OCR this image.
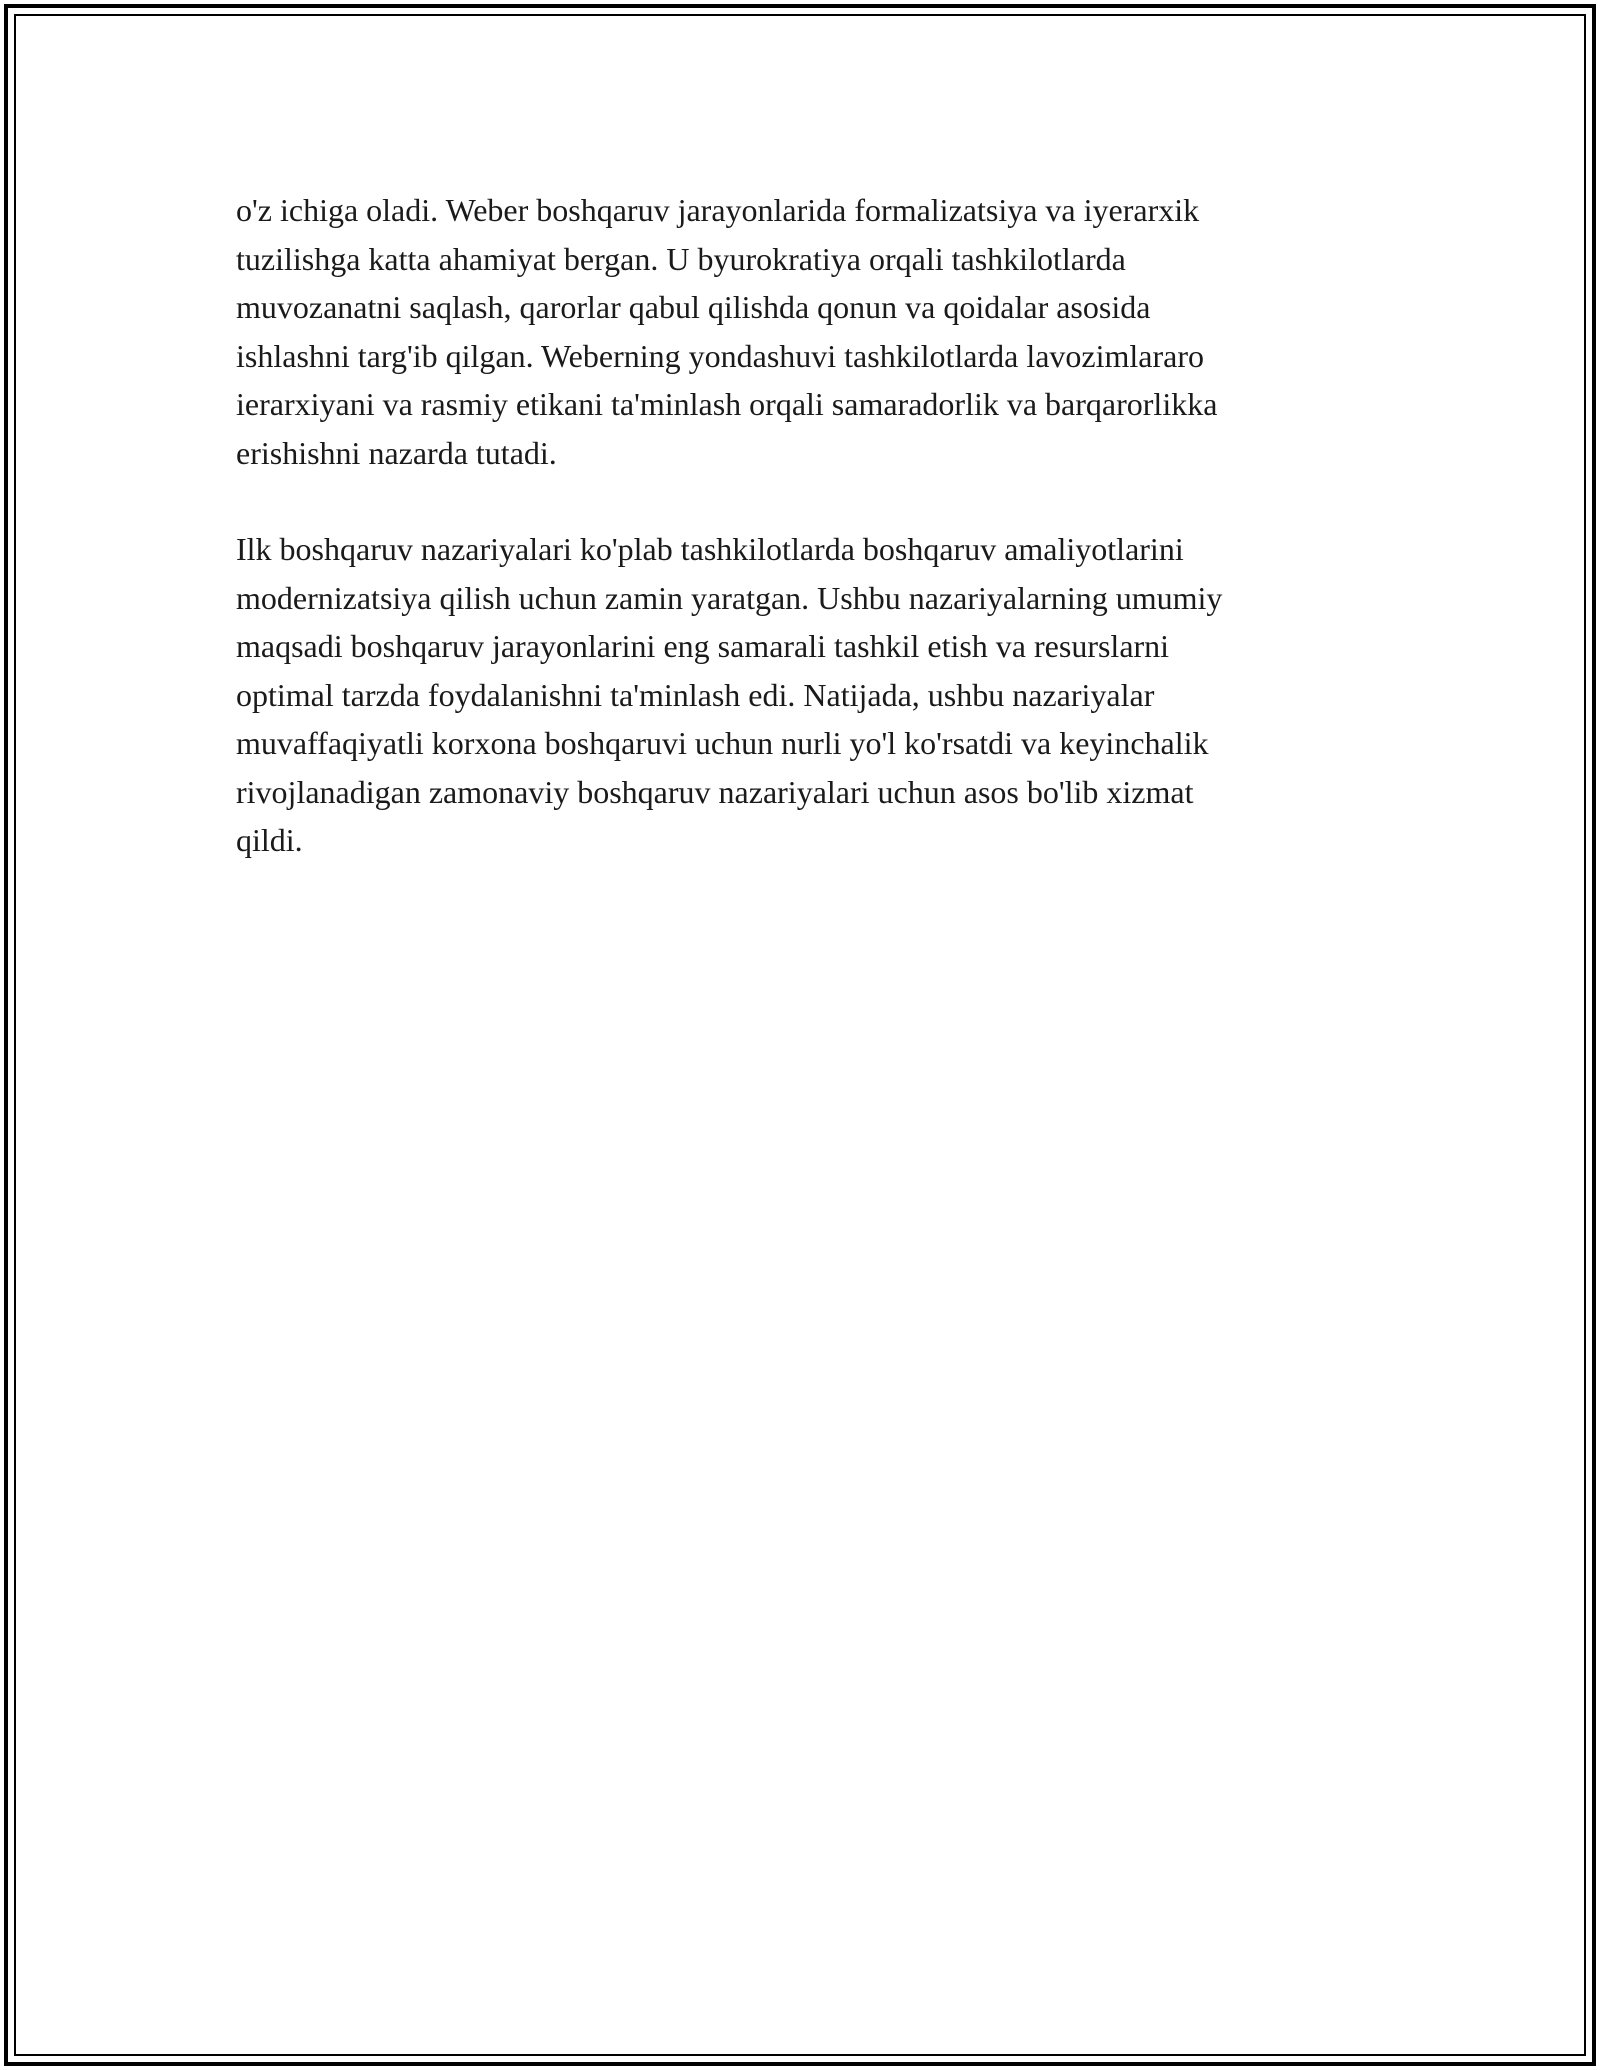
o'z ichiga oladi. Weber boshqaruv jarayonlarida formalizatsiya va iyerarxik
tuzilishga katta ahamiyat bergan. U byurokratiya orqali tashkilotlarda
muvozanatni saqlash, qarorlar qabul qilishda qonun va qoidalar asosida
ishlashni targ'ib qilgan. Weberning yondashuvi tashkilotlarda lavozimlararo
ierarxiyani va rasmiy etikani ta'minlash orqali samaradorlik va barqarorlikka
erishishni nazarda tutadi.

Ilk boshqaruv nazariyalari ko'plab tashkilotlarda boshqaruv amaliyotlarini
modernizatsiya qilish uchun zamin yaratgan. Ushbu nazariyalarning umumiy
maqsadi boshqaruv jarayonlarini eng samarali tashkil etish va resurslarni
optimal tarzda foydalanishni ta'minlash edi. Natijada, ushbu nazariyalar
muvaffaqiyatli korxona boshqaruvi uchun nurli yo'l ko'rsatdi va keyinchalik
rivojlanadigan zamonaviy boshqaruv nazariyalari uchun asos bo'lib xizmat
qildi.
